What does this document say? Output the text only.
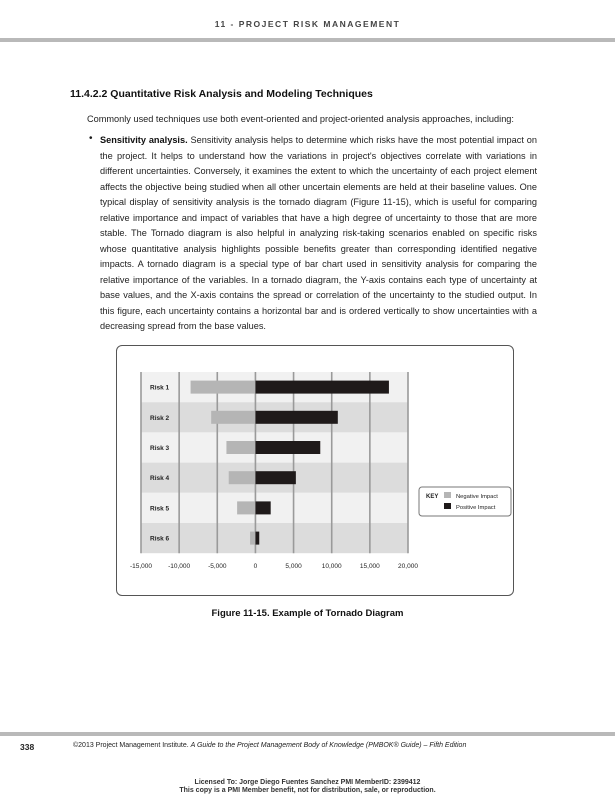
11 - PROJECT RISK MANAGEMENT
11.4.2.2 Quantitative Risk Analysis and Modeling Techniques
Commonly used techniques use both event-oriented and project-oriented analysis approaches, including:
• Sensitivity analysis. Sensitivity analysis helps to determine which risks have the most potential impact on the project. It helps to understand how the variations in project's objectives correlate with variations in different uncertainties. Conversely, it examines the extent to which the uncertainty of each project element affects the objective being studied when all other uncertain elements are held at their baseline values. One typical display of sensitivity analysis is the tornado diagram (Figure 11-15), which is useful for comparing relative importance and impact of variables that have a high degree of uncertainty to those that are more stable. The Tornado diagram is also helpful in analyzing risk-taking scenarios enabled on specific risks whose quantitative analysis highlights possible benefits greater than corresponding identified negative impacts. A tornado diagram is a special type of bar chart used in sensitivity analysis for comparing the relative importance of the variables. In a tornado diagram, the Y-axis contains each type of uncertainty at base values, and the X-axis contains the spread or correlation of the uncertainty to the studied output. In this figure, each uncertainty contains a horizontal bar and is ordered vertically to show uncertainties with a decreasing spread from the base values.

Risk 1
Risk 2
Risk 3
Risk 4
Risk 5
Risk 6
-15,000 -10,000	-5,000	0	5,000	10,000	15,000	20,000
KEY	Negative Impact
Positive Impact
Figure 11-15. Example of Tornado Diagram
338	©2013 Project Management Institute. A Guide to the Project Management Body of Knowledge (PMBOK® Guide) – Fifth Edition
Licensed To: Jorge Diego Fuentes Sanchez PMI MemberID: 2399412
This copy is a PMI Member benefit, not for distribution, sale, or reproduction.
